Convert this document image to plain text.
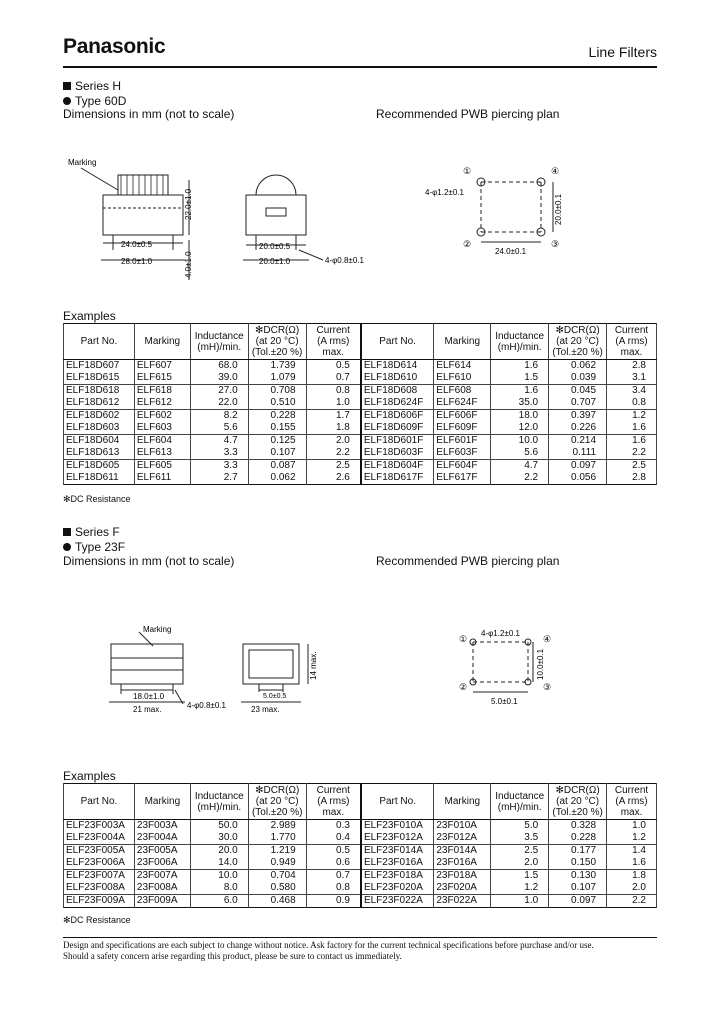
Panasonic	Line Filters
Series H
Type 60D
Dimensions in mm (not to scale)	Recommended PWB piercing plan
Marking
22.0±1.0
4.0±1.0
24.0±0.5
28.0±1.0
20.0±0.5
20.0±1.0	4-φ0.8±0.1
4-φ1.2±0.1
20.0±0.1
24.0±0.1
④
①
②	③
Examples
Part No.	Marking	Inductance
(mH)/min.	✻DCR(Ω)
(at 20 °C)
(Tol.±20 %)	Current
(A rms)
max.	Part No.	Marking	Inductance
(mH)/min.	✻DCR(Ω)
(at 20 °C)
(Tol.±20 %)	Current
(A rms)
max.
ELF18D607	ELF607	68.0	1.739	0.5	ELF18D614	ELF614	1.6	0.062	2.8
ELF18D615	ELF615	39.0	1.079	0.7	ELF18D610	ELF610	1.5	0.039	3.1
ELF18D618	ELF618	27.0	0.708	0.8	ELF18D608	ELF608	1.6	0.045	3.4
ELF18D612	ELF612	22.0	0.510	1.0	ELF18D624F	ELF624F	35.0	0.707	0.8
ELF18D602	ELF602	8.2	0.228	1.7	ELF18D606F	ELF606F	18.0	0.397	1.2
ELF18D603	ELF603	5.6	0.155	1.8	ELF18D609F	ELF609F	12.0	0.226	1.6
ELF18D604	ELF604	4.7	0.125	2.0	ELF18D601F	ELF601F	10.0	0.214	1.6
ELF18D613	ELF613	3.3	0.107	2.2	ELF18D603F	ELF603F	5.6	0.111	2.2
ELF18D605	ELF605	3.3	0.087	2.5	ELF18D604F	ELF604F	4.7	0.097	2.5
ELF18D611	ELF611	2.7	0.062	2.6	ELF18D617F	ELF617F	2.2	0.056	2.8
✻DC Resistance
Series F
Type 23F
Dimensions in mm (not to scale)	Recommended PWB piercing plan
Marking
21 max.
18.0±1.0
23 max.
5.0±0.5
14 max.
4-φ0.8±0.1
4-φ1.2±0.1
10.0±0.1
5.0±0.1
①	④
②	③
Examples
Part No.	Marking	Inductance
(mH)/min.	✻DCR(Ω)
(at 20 °C)
(Tol.±20 %)	Current
(A rms)
max.	Part No.	Marking	Inductance
(mH)/min.	✻DCR(Ω)
(at 20 °C)
(Tol.±20 %)	Current
(A rms)
max.
ELF23F003A	23F003A	50.0	2.989	0.3	ELF23F010A	23F010A	5.0	0.328	1.0
ELF23F004A	23F004A	30.0	1.770	0.4	ELF23F012A	23F012A	3.5	0.228	1.2
ELF23F005A	23F005A	20.0	1.219	0.5	ELF23F014A	23F014A	2.5	0.177	1.4
ELF23F006A	23F006A	14.0	0.949	0.6	ELF23F016A	23F016A	2.0	0.150	1.6
ELF23F007A	23F007A	10.0	0.704	0.7	ELF23F018A	23F018A	1.5	0.130	1.8
ELF23F008A	23F008A	8.0	0.580	0.8	ELF23F020A	23F020A	1.2	0.107	2.0
ELF23F009A	23F009A	6.0	0.468	0.9	ELF23F022A	23F022A	1.0	0.097	2.2
✻DC Resistance
Design and specifications are each subject to change without notice. Ask factory for the current technical specifications before purchase and/or use.
Should a safety concern arise regarding this product, please be sure to contact us immediately.
